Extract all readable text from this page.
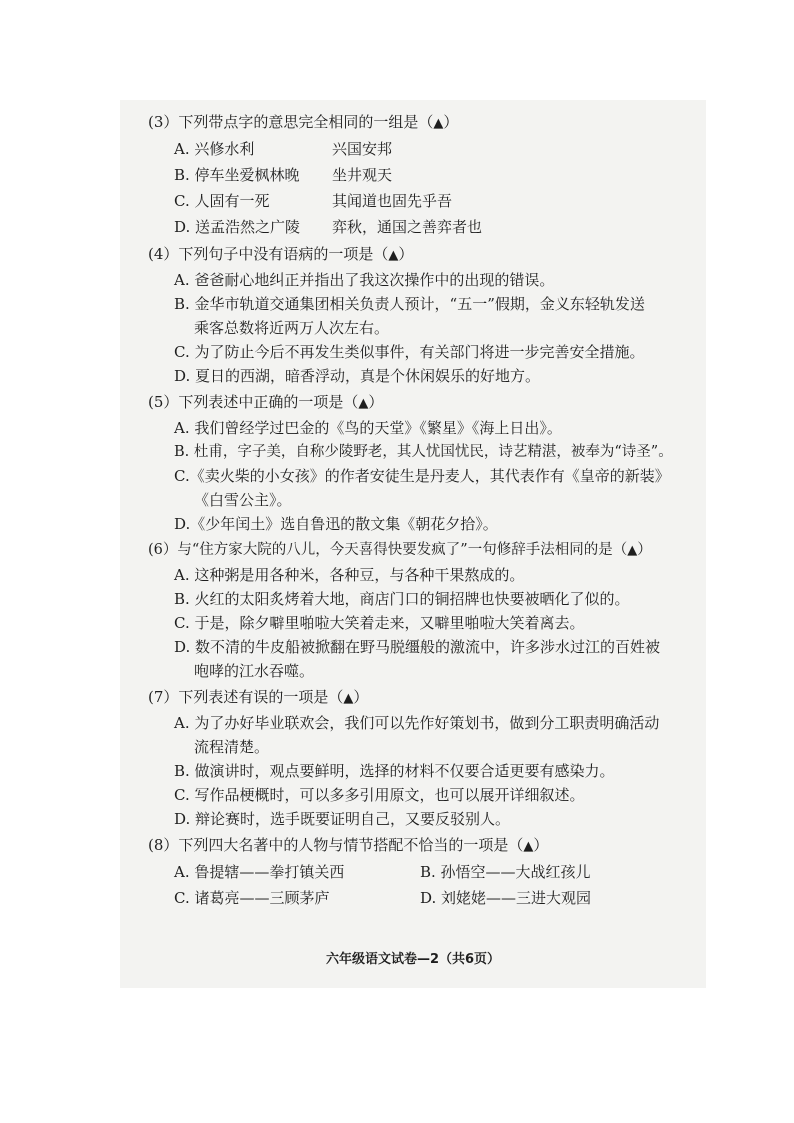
(3）下列带点字的意思完全相同的一组是（▲）
A. 兴修水利	兴国安邦
B. 停车坐爱枫林晚	坐井观天
C. 人固有一死	其闻道也固先乎吾
D. 送孟浩然之广陵	弈秋，通国之善弈者也
(4）下列句子中没有语病的一项是（▲）
A. 爸爸耐心地纠正并指出了我这次操作中的出现的错误。
B. 金华市轨道交通集团相关负责人预计，“五一”假期，金义东轻轨发送
乘客总数将近两万人次左右。
C. 为了防止今后不再发生类似事件，有关部门将进一步完善安全措施。
D. 夏日的西湖，暗香浮动，真是个休闲娱乐的好地方。
(5）下列表述中正确的一项是（▲）
A. 我们曾经学过巴金的《鸟的天堂》《繁星》《海上日出》。
B. 杜甫，字子美，自称少陵野老，其人忧国忧民，诗艺精湛，被奉为“诗圣”。
C.《卖火柴的小女孩》的作者安徒生是丹麦人，其代表作有《皇帝的新装》
《白雪公主》。
D.《少年闰土》选自鲁迅的散文集《朝花夕拾》。
(6）与“住方家大院的八儿，今天喜得快要发疯了”一句修辞手法相同的是（▲）
A. 这种粥是用各种米，各种豆，与各种干果熬成的。
B. 火红的太阳炙烤着大地，商店门口的铜招牌也快要被晒化了似的。
C. 于是，除夕噼里啪啦大笑着走来，又噼里啪啦大笑着离去。
D. 数不清的牛皮船被掀翻在野马脱缰般的激流中，许多涉水过江的百姓被
咆哮的江水吞噬。
(7）下列表述有误的一项是（▲）
A. 为了办好毕业联欢会，我们可以先作好策划书，做到分工职责明确活动
流程清楚。
B. 做演讲时，观点要鲜明，选择的材料不仅要合适更要有感染力。
C. 写作品梗概时，可以多多引用原文，也可以展开详细叙述。
D. 辩论赛时，选手既要证明自己，又要反驳别人。
(8）下列四大名著中的人物与情节搭配不恰当的一项是（▲）
A. 鲁提辖——拳打镇关西	B. 孙悟空——大战红孩儿
C. 诸葛亮——三顾茅庐	D. 刘姥姥——三进大观园
六年级语文试卷—2（共6页）
